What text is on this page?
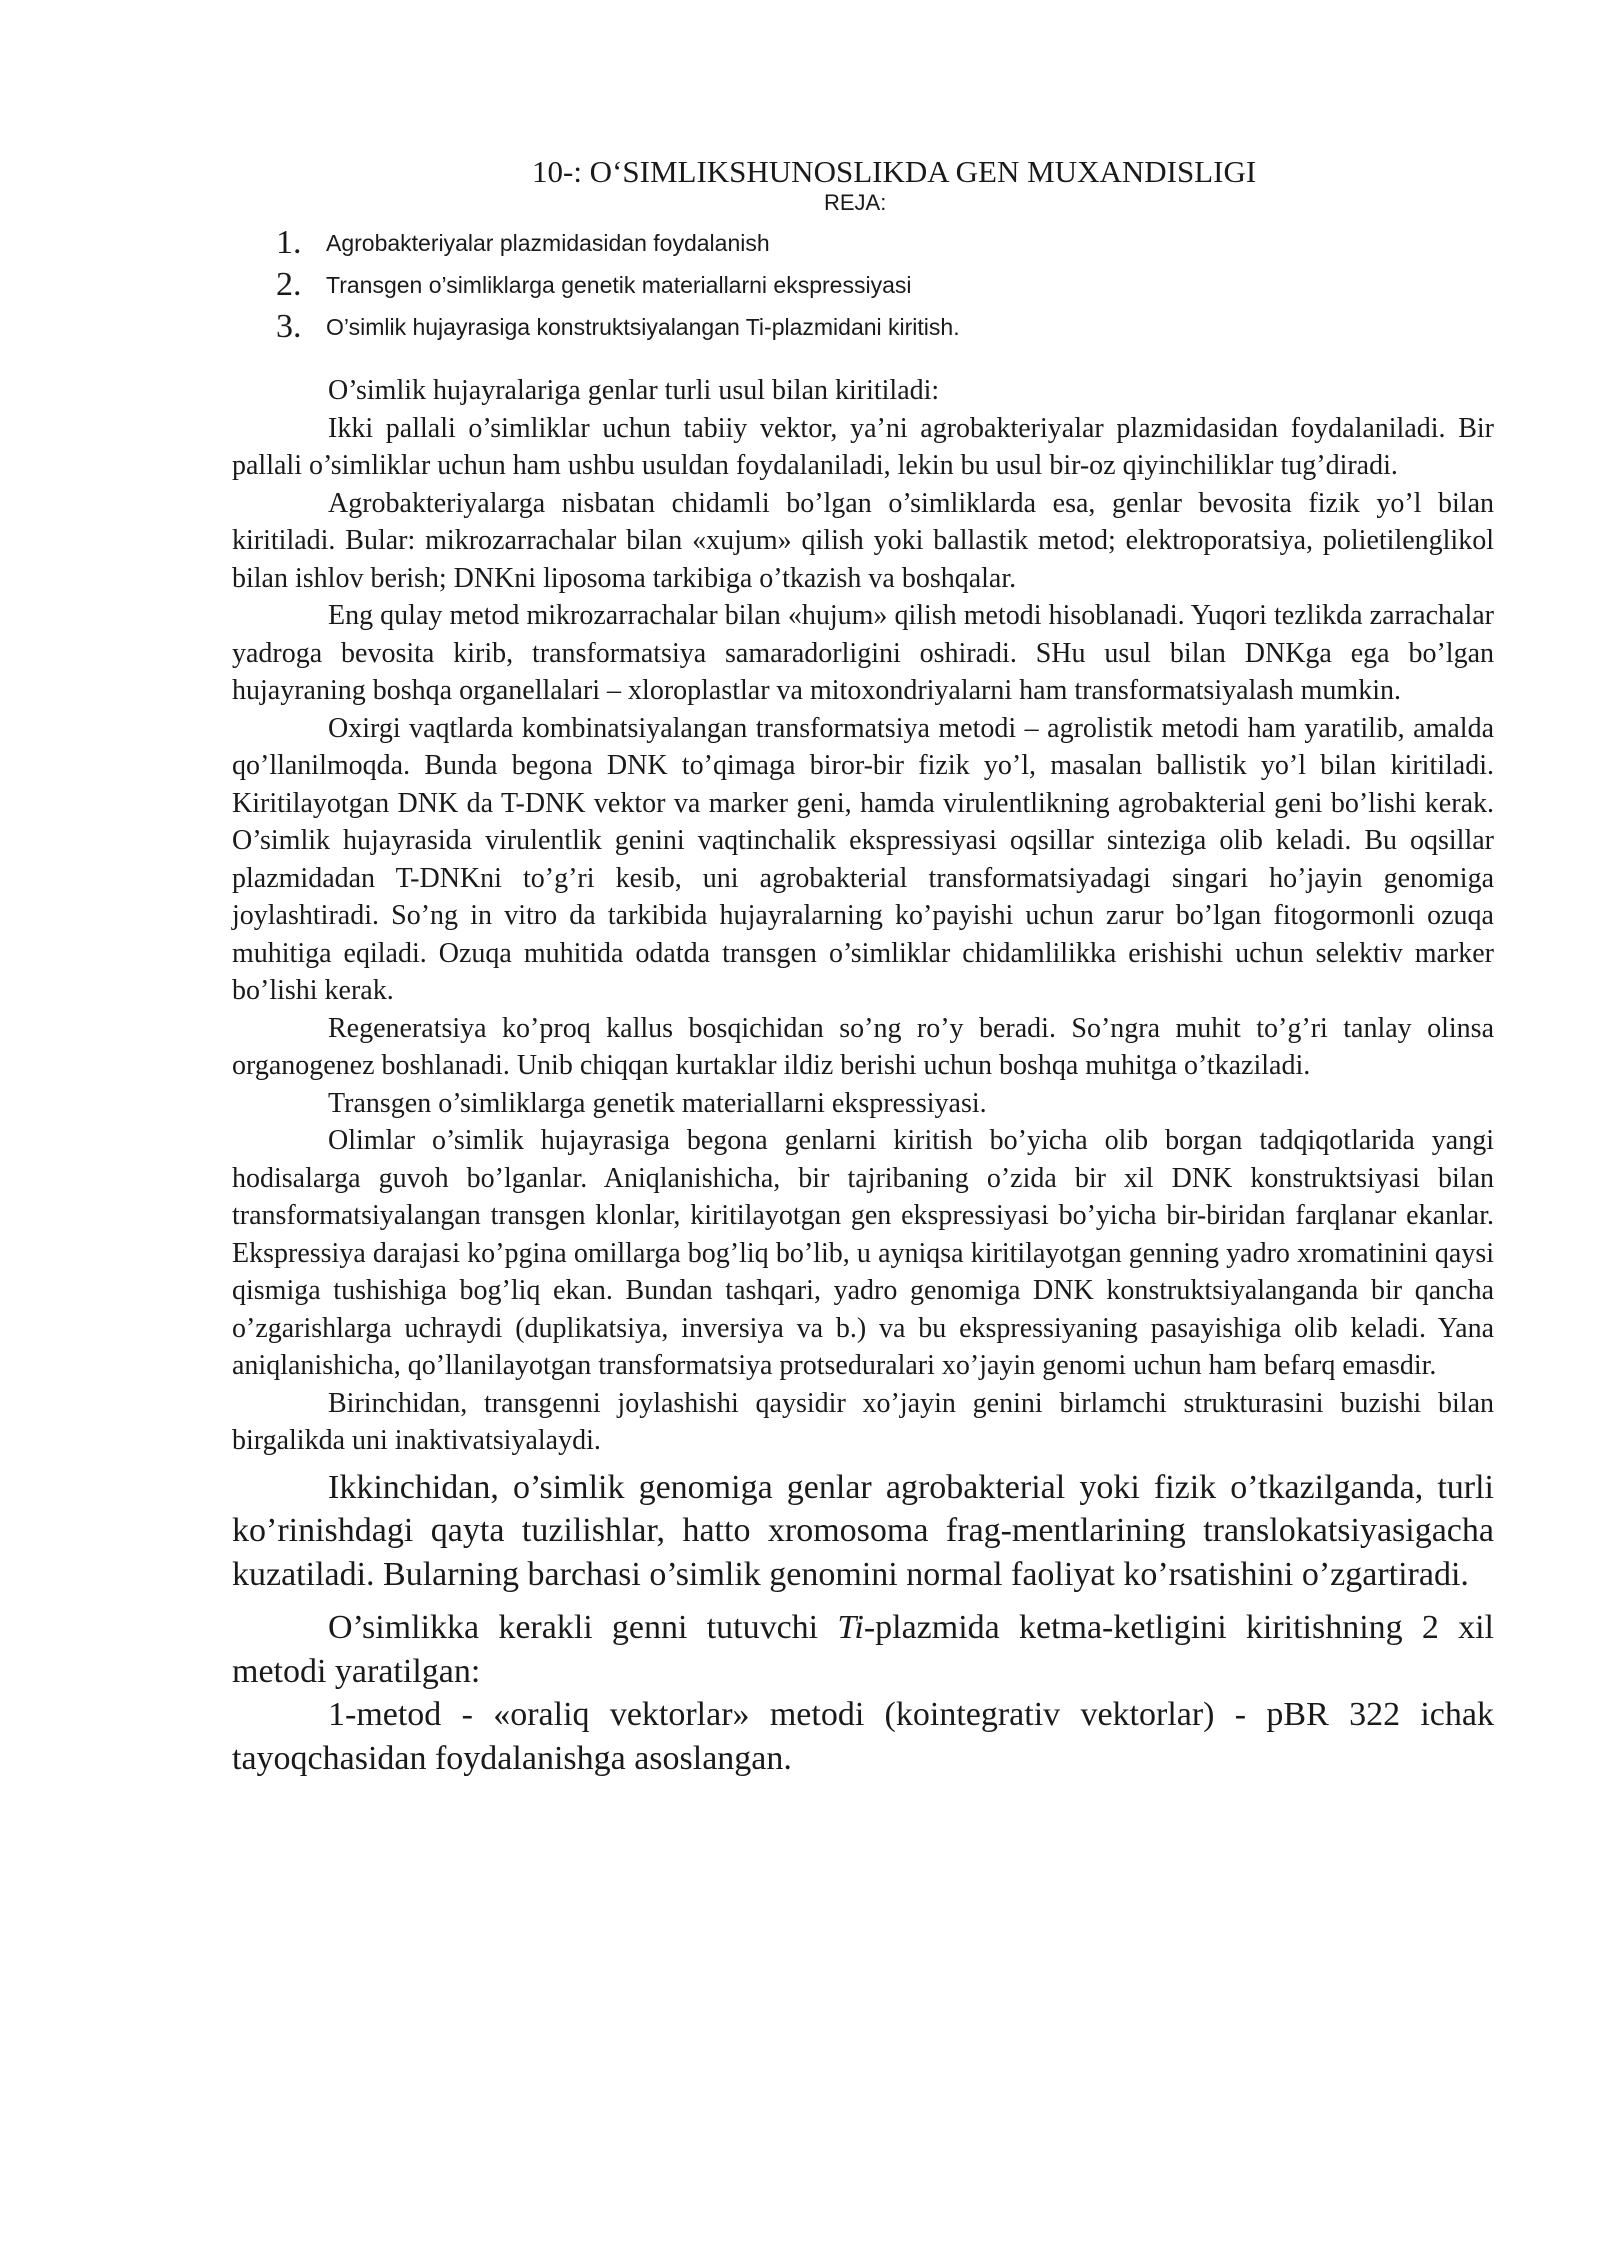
10-: O‘SIMLIKSHUNOSLIKDA GEN MUXANDISLIGI
REJA:
1.	Agrobakteriyalar plazmidasidan foydalanish
2.	Transgen o’simliklarga genetik materiallarni ekspressiyasi
3.	O’simlik hujayrasiga konstruktsiyalangan Ti-plazmidani kiritish.

O’simlik hujayralariga genlar turli usul bilan kiritiladi:

Ikki pallali o’simliklar uchun tabiiy vektor, ya’ni agrobakteriyalar plazmidasidan foydalaniladi. Bir pallali o’simliklar uchun ham ushbu usuldan foydalaniladi, lekin bu usul bir-oz qiyinchiliklar tug’diradi.

Agrobakteriyalarga nisbatan chidamli bo’lgan o’simliklarda esa, genlar bevosita fizik yo’l bilan kiritiladi. Bular: mikrozarrachalar bilan «xujum» qilish yoki ballastik metod; elektroporatsiya, polietilenglikol bilan ishlov berish; DNKni liposoma tarkibiga o’tkazish va boshqalar.

Eng qulay metod mikrozarrachalar bilan «hujum» qilish metodi hisoblanadi. Yuqori tezlikda zarrachalar yadroga bevosita kirib, transformatsiya samaradorligini oshiradi. SHu usul bilan DNKga ega bo’lgan hujayraning boshqa organellalari – xloroplastlar va mitoxondriyalarni ham transformatsiyalash mumkin.

Oxirgi vaqtlarda kombinatsiyalangan transformatsiya metodi – agrolistik metodi ham yaratilib, amalda qo’llanilmoqda. Bunda begona DNK to’qimaga biror-bir fizik yo’l, masalan ballistik yo’l bilan kiritiladi. Kiritilayotgan DNK da T-DNK vektor va marker geni, hamda virulentlikning agrobakterial geni bo’lishi kerak. O’simlik hujayrasida virulentlik genini vaqtinchalik ekspressiyasi oqsillar sinteziga olib keladi. Bu oqsillar plazmidadan T-DNKni to’g’ri kesib, uni agrobakterial transformatsiyadagi singari ho’jayin genomiga joylashtiradi. So’ng in vitro da tarkibida hujayralarning ko’payishi uchun zarur bo’lgan fitogormonli ozuqa muhitiga eqiladi. Ozuqa muhitida odatda transgen o’simliklar chidamlilikka erishishi uchun selektiv marker bo’lishi kerak.

Regeneratsiya ko’proq kallus bosqichidan so’ng ro’y beradi. So’ngra muhit to’g’ri tanlay olinsa organogenez boshlanadi. Unib chiqqan kurtaklar ildiz berishi uchun boshqa muhitga o’tkaziladi.

Transgen o’simliklarga genetik materiallarni ekspressiyasi.

Olimlar o’simlik hujayrasiga begona genlarni kiritish bo’yicha olib borgan tadqiqotlarida yangi hodisalarga guvoh bo’lganlar. Aniqlanishicha, bir tajribaning o’zida bir xil DNK konstruktsiyasi bilan transformatsiyalangan transgen klonlar, kiritilayotgan gen ekspressiyasi bo’yicha bir-biridan farqlanar ekanlar. Ekspressiya darajasi ko’pgina omillarga bog’liq bo’lib, u ayniqsa kiritilayotgan genning yadro xromatinini qaysi qismiga tushishiga bog’liq ekan. Bundan tashqari, yadro genomiga DNK konstruktsiyalanganda bir qancha o’zgarishlarga uchraydi (duplikatsiya, inversiya va b.) va bu ekspressiyaning pasayishiga olib keladi. Yana aniqlanishicha, qo’llanilayotgan transformatsiya protseduralari xo’jayin genomi uchun ham befarq emasdir.

Birinchidan, transgenni joylashishi qaysidir xo’jayin genini birlamchi strukturasini buzishi bilan birgalikda uni inaktivatsiyalaydi.

Ikkinchidan, o’simlik genomiga genlar agrobakterial yoki fizik o’tkazilganda, turli ko’rinishdagi qayta tuzilishlar, hatto xromosoma frag-mentlarining translokatsiyasigacha kuzatiladi. Bularning barchasi o’simlik genomini normal faoliyat ko’rsatishini o’zgartiradi.

O’simlikka kerakli genni tutuvchi Ti-plazmida ketma-ketligini kiritishning 2 xil metodi yaratilgan:

1-metod - «oraliq vektorlar» metodi (kointegrativ vektorlar) - pBR 322 ichak tayoqchasidan foydalanishga asoslangan.
